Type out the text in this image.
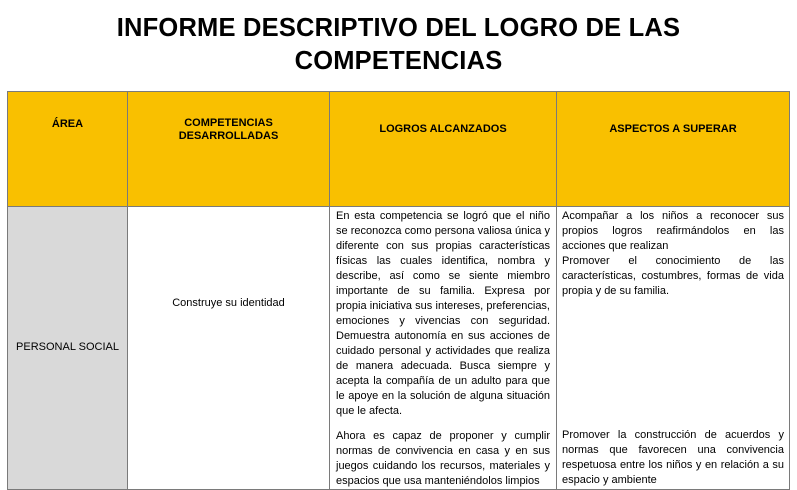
INFORME DESCRIPTIVO DEL LOGRO DE LAS
COMPETENCIAS
ÁREA	COMPETENCIAS DESARROLLADAS	LOGROS ALCANZADOS	ASPECTOS A SUPERAR
PERSONAL SOCIAL	Construye su identidad	En esta competencia se logró que el niño se reconozca como persona valiosa única y diferente con sus propias características físicas las cuales identifica, nombra y describe, así como se siente miembro importante de su familia. Expresa por propia iniciativa sus intereses, preferencias, emociones y vivencias con seguridad. Demuestra autonomía en sus acciones de cuidado personal y actividades que realiza de manera adecuada. Busca siempre y acepta la compañía de un adulto para que le apoye en la solución de alguna situación que le afecta.	Acompañar a los niños a reconocer sus propios logros reafirmándolos en las acciones que realizan
Promover el conocimiento de las características, costumbres, formas de vida propia y de su familia.

		Ahora es capaz de proponer y cumplir normas de convivencia en casa y en sus juegos cuidando los recursos, materiales y espacios que usa manteniéndolos limpios	Promover la construcción de acuerdos y normas que favorecen una convivencia respetuosa entre los niños y en relación a su espacio y ambiente
